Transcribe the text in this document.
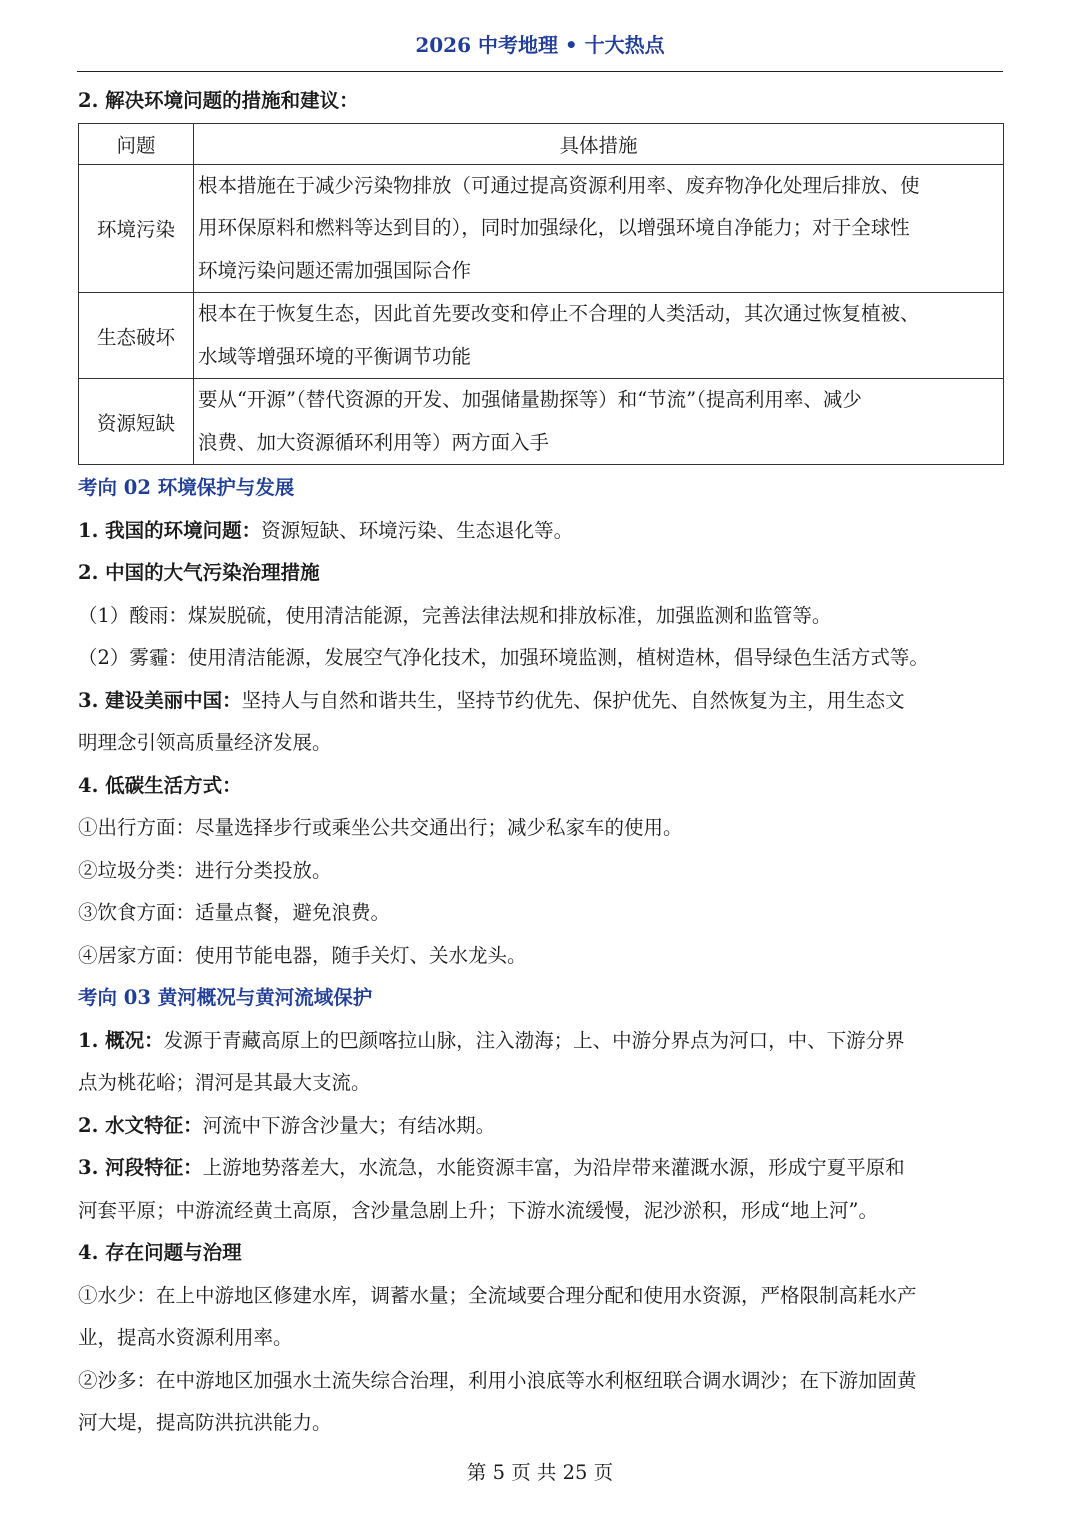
2026 中考地理 • 十大热点
2. 解决环境问题的措施和建议：
问题	具体措施
环境污染	根本措施在于减少污染物排放（可通过提高资源利用率、废弃物净化处理后排放、使
用环保原料和燃料等达到目的），同时加强绿化，以增强环境自净能力；对于全球性
环境污染问题还需加强国际合作

生态破坏	根本在于恢复生态，因此首先要改变和停止不合理的人类活动，其次通过恢复植被、
水域等增强环境的平衡调节功能

资源短缺	要从“开源”（替代资源的开发、加强储量勘探等）和“节流”（提高利用率、减少
浪费、加大资源循环利用等）两方面入手
考向 02 环境保护与发展
1. 我国的环境问题：资源短缺、环境污染、生态退化等。
2. 中国的大气污染治理措施
（1）酸雨：煤炭脱硫，使用清洁能源，完善法律法规和排放标准，加强监测和监管等。
（2）雾霾：使用清洁能源，发展空气净化技术，加强环境监测，植树造林，倡导绿色生活方式等。
3. 建设美丽中国：坚持人与自然和谐共生，坚持节约优先、保护优先、自然恢复为主，用生态文
明理念引领高质量经济发展。
4. 低碳生活方式：
①出行方面：尽量选择步行或乘坐公共交通出行；减少私家车的使用。
②垃圾分类：进行分类投放。
③饮食方面：适量点餐，避免浪费。
④居家方面：使用节能电器，随手关灯、关水龙头。
考向 03 黄河概况与黄河流域保护
1. 概况：发源于青藏高原上的巴颜喀拉山脉，注入渤海；上、中游分界点为河口，中、下游分界
点为桃花峪；渭河是其最大支流。
2. 水文特征：河流中下游含沙量大；有结冰期。
3. 河段特征：上游地势落差大，水流急，水能资源丰富，为沿岸带来灌溉水源，形成宁夏平原和
河套平原；中游流经黄土高原，含沙量急剧上升；下游水流缓慢，泥沙淤积，形成“地上河”。
4. 存在问题与治理
①水少：在上中游地区修建水库，调蓄水量；全流域要合理分配和使用水资源，严格限制高耗水产
业，提高水资源利用率。
②沙多：在中游地区加强水土流失综合治理，利用小浪底等水利枢纽联合调水调沙；在下游加固黄
河大堤，提高防洪抗洪能力。
第 5 页 共 25 页
